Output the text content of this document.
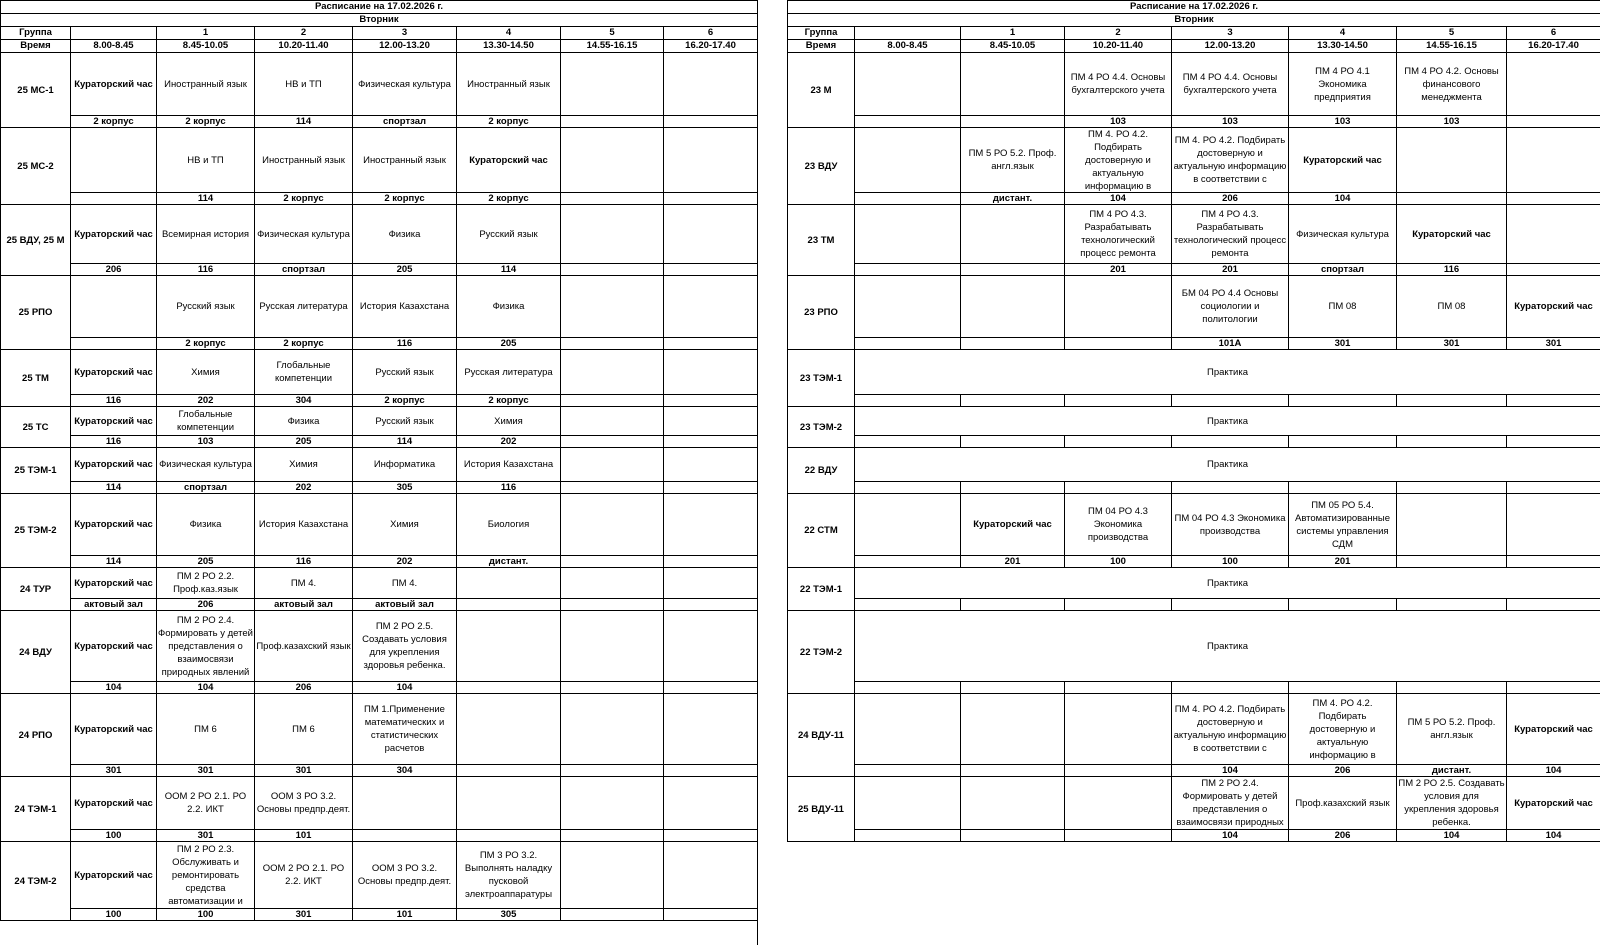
Расписание на 17.02.2026 г.							
Вторник							
Группа		1	2	3	4	5	6
Время	8.00-8.45	8.45-10.05	10.20-11.40	12.00-13.20	13.30-14.50	14.55-16.15	16.20-17.40
25 МС-1	Кураторский час	Иностранный язык	НВ и ТП	Физическая культура	Иностранный язык		

	2 корпус	2 корпус	114	спортзал	2 корпус		
25 МС-2		НВ и ТП	Иностранный язык	Иностранный язык	Кураторский час		

		114	2 корпус	2 корпус	2 корпус		
25 ВДУ, 25 М	Кураторский час	Всемирная история	Физическая культура	Физика	Русский язык		

	206	116	спортзал	205	114		
25 РПО		Русский язык	Русская литература	История Казахстана	Физика		

		2 корпус	2 корпус	116	205		
25 ТМ	Кураторский час	Химия	Глобальные компетенции	Русский язык	Русская литература		

	116	202	304	2 корпус	2 корпус		
25 ТС	Кураторский час	Глобальные компетенции	Физика	Русский язык	Химия		

	116	103	205	114	202		
25 ТЭМ-1	Кураторский час	Физическая культура	Химия	Информатика	История Казахстана		

	114	спортзал	202	305	116		
25 ТЭМ-2	Кураторский час	Физика	История Казахстана	Химия	Биология		

	114	205	116	202	дистант.		
24 ТУР	Кураторский час	ПМ 2 РО 2.2. Проф.каз.язык	ПМ 4.	ПМ 4.			

	актовый зал	206	актовый зал	актовый зал			
24 ВДУ	Кураторский час	ПМ 2 РО 2.4. Формировать у детей представления о взаимосвязи природных явлений	Проф.казахский язык	ПМ 2 РО 2.5. Создавать условия для укрепления здоровья ребенка.			

	104	104	206	104			
24 РПО	Кураторский час	ПМ 6	ПМ 6	ПМ 1.Применение математических и статистических расчетов			

	301	301	301	304			
24 ТЭМ-1	Кураторский час	ООМ 2 РО 2.1. РО 2.2. ИКТ	ООМ 3 РО 3.2. Основы предпр.деят.				

	100	301	101				
24 ТЭМ-2	Кураторский час	ПМ 2 РО 2.3. Обслуживать и ремонтировать средства автоматизации и	ООМ 2 РО 2.1. РО 2.2. ИКТ	ООМ 3 РО 3.2. Основы предпр.деят.	ПМ 3 РО 3.2. Выполнять наладку пусковой электроаппаратуры		

	100	100	301	101	305		
Расписание на 17.02.2026 г.							
Вторник							
Группа		1	2	3	4	5	6
Время	8.00-8.45	8.45-10.05	10.20-11.40	12.00-13.20	13.30-14.50	14.55-16.15	16.20-17.40
23 М			ПМ 4 РО 4.4. Основы бухгалтерского учета	ПМ 4 РО 4.4. Основы бухгалтерского учета	ПМ 4 РО 4.1 Экономика предприятия	ПМ 4 РО 4.2. Основы финансового менеджмента	

			103	103	103	103	
23 ВДУ		ПМ 5 РО 5.2. Проф. англ.язык	ПМ 4. РО 4.2. Подбирать достоверную и актуальную информацию в	ПМ 4. РО 4.2. Подбирать достоверную и актуальную информацию в соответствии с	Кураторский час		

		дистант.	104	206	104		
23 ТМ			ПМ 4 РО 4.3. Разрабатывать технологический процесс ремонта	ПМ 4 РО 4.3. Разрабатывать технологический процесс ремонта	Физическая культура	Кураторский час	

			201	201	спортзал	116	
23 РПО				БМ 04 РО 4.4 Основы социологии и политологии	ПМ 08	ПМ 08	Кураторский час

				101А	301	301	301
23 ТЭМ-1	Практика						

23 ТЭМ-2	Практика						

22 ВДУ	Практика						

22 СТМ		Кураторский час	ПМ 04 РО 4.3 Экономика производства	ПМ 04 РО 4.3 Экономика производства	ПМ 05 РО 5.4. Автоматизированные системы управления СДМ		

		201	100	100	201		
22 ТЭМ-1	Практика						

22 ТЭМ-2	Практика						

24 ВДУ-11				ПМ 4. РО 4.2. Подбирать достоверную и актуальную информацию в соответствии с	ПМ 4. РО 4.2. Подбирать достоверную и актуальную информацию в	ПМ 5 РО 5.2. Проф. англ.язык	Кураторский час

				104	206	дистант.	104
25 ВДУ-11				ПМ 2 РО 2.4. Формировать у детей представления о взаимосвязи природных	Проф.казахский язык	ПМ 2 РО 2.5. Создавать условия для укрепления здоровья ребенка.	Кураторский час

				104	206	104	104
